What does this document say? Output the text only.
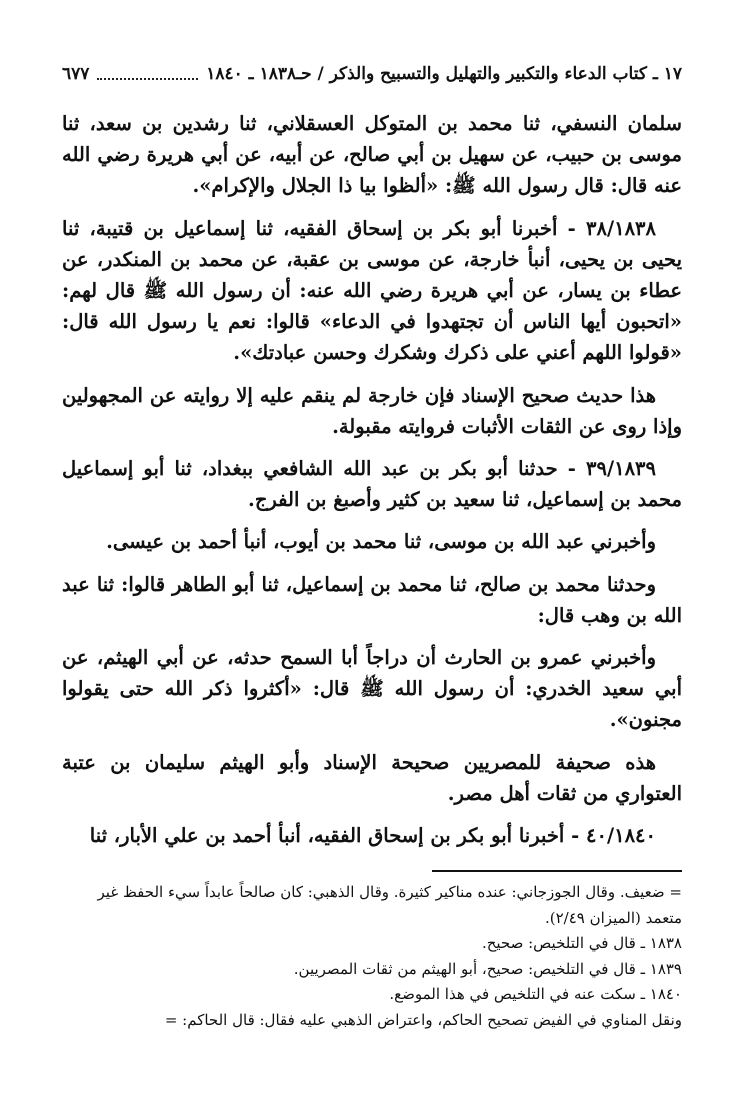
٦٧٧	١٧ ـ كتاب الدعاء والتكبير والتهليل والتسبيح والذكر / حـ١٨٣٨ ـ ١٨٤٠

سلمان النسفي، ثنا محمد بن المتوكل العسقلاني، ثنا رشدين بن سعد، ثنا موسى بن حبيب، عن سهيل بن أبي صالح، عن أبيه، عن أبي هريرة رضي الله عنه قال: قال رسول الله ﷺ: «ألظوا بيا ذا الجلال والإكرام».

٣٨/١٨٣٨ - أخبرنا أبو بكر بن إسحاق الفقيه، ثنا إسماعيل بن قتيبة، ثنا يحيى بن يحيى، أنبأ خارجة، عن موسى بن عقبة، عن محمد بن المنكدر، عن عطاء بن يسار، عن أبي هريرة رضي الله عنه: أن رسول الله ﷺ قال لهم: «اتحبون أيها الناس أن تجتهدوا في الدعاء» قالوا: نعم يا رسول الله قال: «قولوا اللهم أعني على ذكرك وشكرك وحسن عبادتك».

هذا حديث صحيح الإسناد فإن خارجة لم ينقم عليه إلا روايته عن المجهولين وإذا روى عن الثقات الأثبات فروايته مقبولة.

٣٩/١٨٣٩ - حدثنا أبو بكر بن عبد الله الشافعي ببغداد، ثنا أبو إسماعيل محمد بن إسماعيل، ثنا سعيد بن كثير وأصبغ بن الفرج.

وأخبرني عبد الله بن موسى، ثنا محمد بن أيوب، أنبأ أحمد بن عيسى.

وحدثنا محمد بن صالح، ثنا محمد بن إسماعيل، ثنا أبو الطاهر قالوا: ثنا عبد الله بن وهب قال:

وأخبرني عمرو بن الحارث أن دراجاً أبا السمح حدثه، عن أبي الهيثم، عن أبي سعيد الخدري: أن رسول الله ﷺ قال: «أكثروا ذكر الله حتى يقولوا مجنون».

هذه صحيفة للمصريين صحيحة الإسناد وأبو الهيثم سليمان بن عتبة العتواري من ثقات أهل مصر.

٤٠/١٨٤٠ - أخبرنا أبو بكر بن إسحاق الفقيه، أنبأ أحمد بن علي الأبار، ثنا

= ضعيف. وقال الجوزجاني: عنده مناكير كثيرة. وقال الذهبي: كان صالحاً عابداً سيء الحفظ غير متعمد (الميزان ٢/٤٩).

١٨٣٨ ـ قال في التلخيص: صحيح.

١٨٣٩ ـ قال في التلخيص: صحيح، أبو الهيثم من ثقات المصريين.

١٨٤٠ ـ سكت عنه في التلخيص في هذا الموضع.

ونقل المناوي في الفيض تصحيح الحاكم، واعتراض الذهبي عليه فقال: قال الحاكم: =
